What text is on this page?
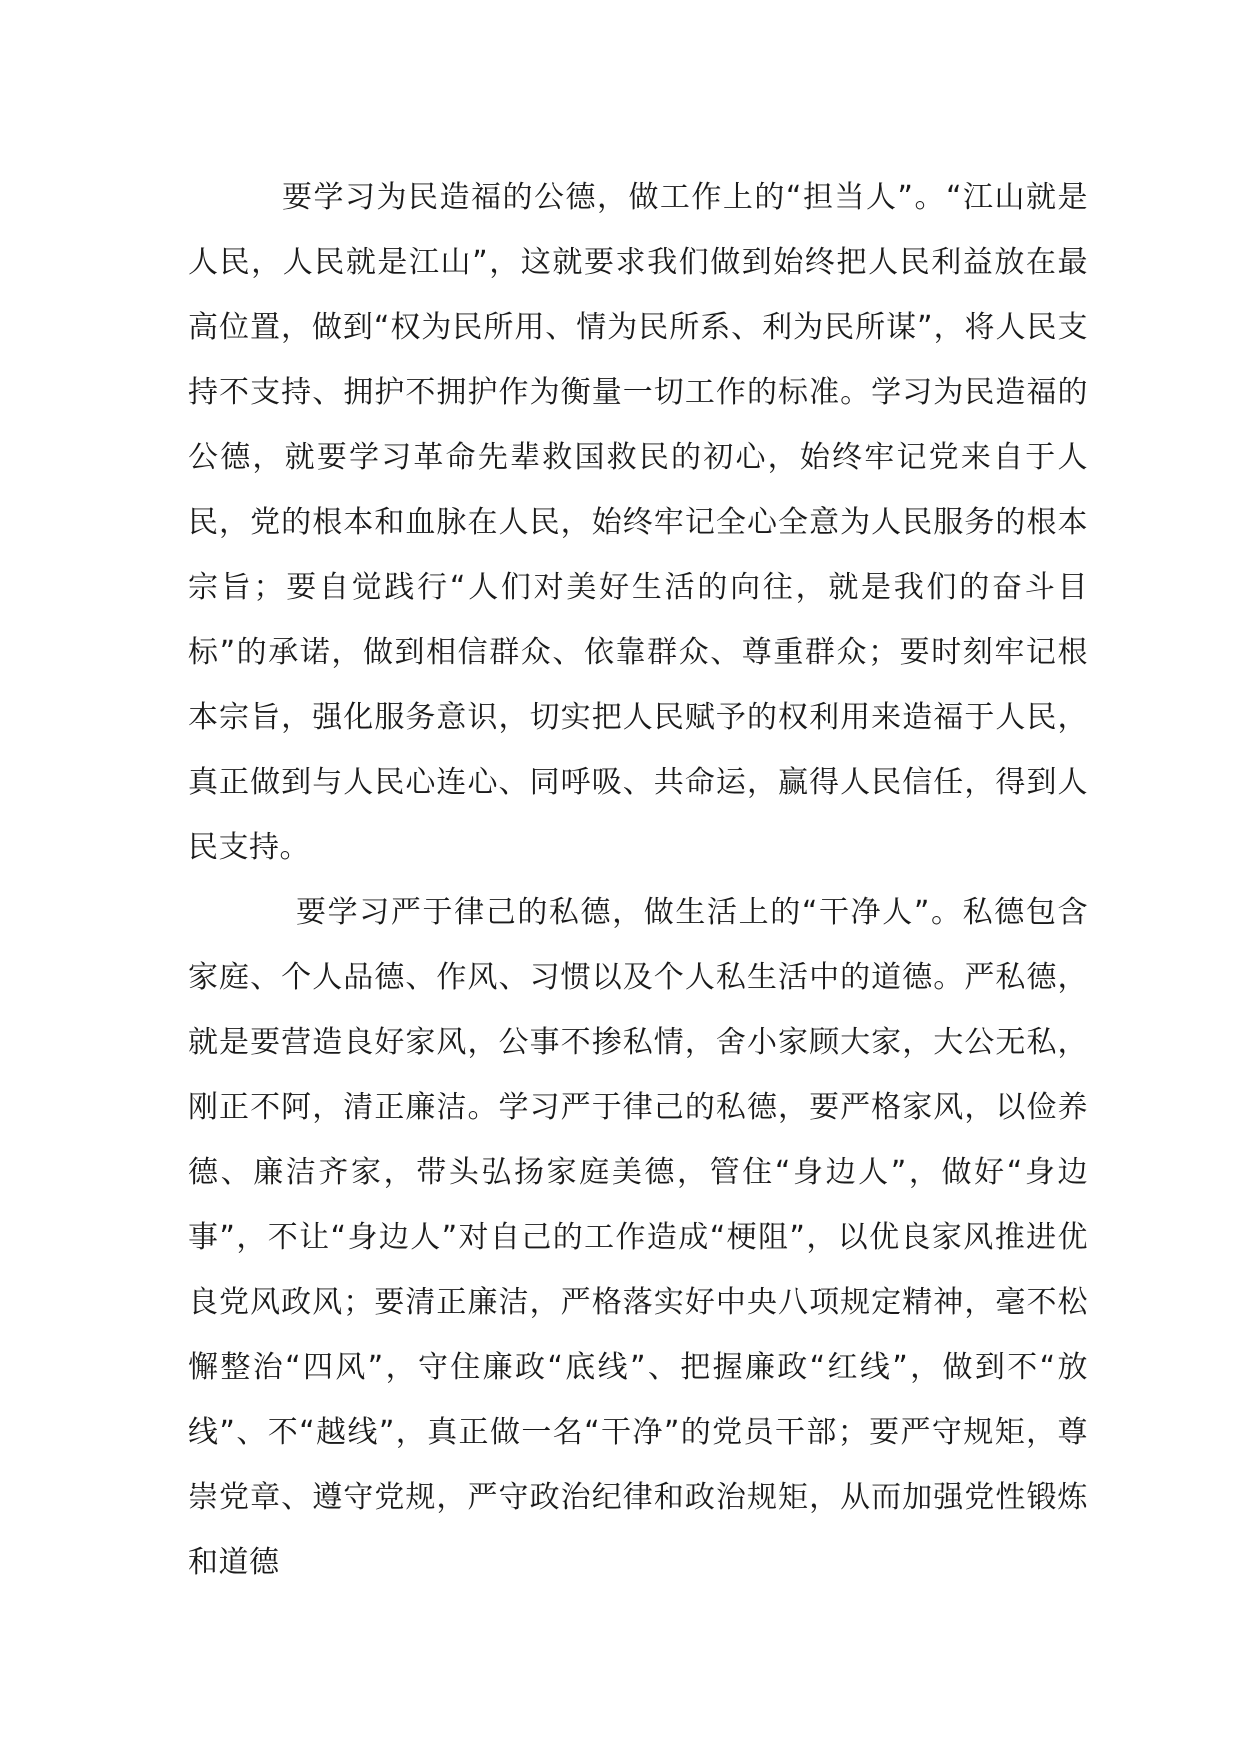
要学习为民造福的公德，做工作上的“担当人”。“江山就是人民，人民就是江山”，这就要求我们做到始终把人民利益放在最高位置，做到“权为民所用、情为民所系、利为民所谋”，将人民支持不支持、拥护不拥护作为衡量一切工作的标准。学习为民造福的公德，就要学习革命先辈救国救民的初心，始终牢记党来自于人民，党的根本和血脉在人民，始终牢记全心全意为人民服务的根本宗旨；要自觉践行“人们对美好生活的向往，就是我们的奋斗目标”的承诺，做到相信群众、依靠群众、尊重群众；要时刻牢记根本宗旨，强化服务意识，切实把人民赋予的权利用来造福于人民，真正做到与人民心连心、同呼吸、共命运，赢得人民信任，得到人民支持。

要学习严于律己的私德，做生活上的“干净人”。私德包含家庭、个人品德、作风、习惯以及个人私生活中的道德。严私德，就是要营造良好家风，公事不掺私情，舍小家顾大家，大公无私，刚正不阿，清正廉洁。学习严于律己的私德，要严格家风，以俭养德、廉洁齐家，带头弘扬家庭美德，管住“身边人”，做好“身边事”，不让“身边人”对自己的工作造成“梗阻”，以优良家风推进优良党风政风；要清正廉洁，严格落实好中央八项规定精神，毫不松懈整治“四风”，守住廉政“底线”、把握廉政“红线”，做到不“放线”、不“越线”，真正做一名“干净”的党员干部；要严守规矩，尊崇党章、遵守党规，严守政治纪律和政治规矩，从而加强党性锻炼和道德
